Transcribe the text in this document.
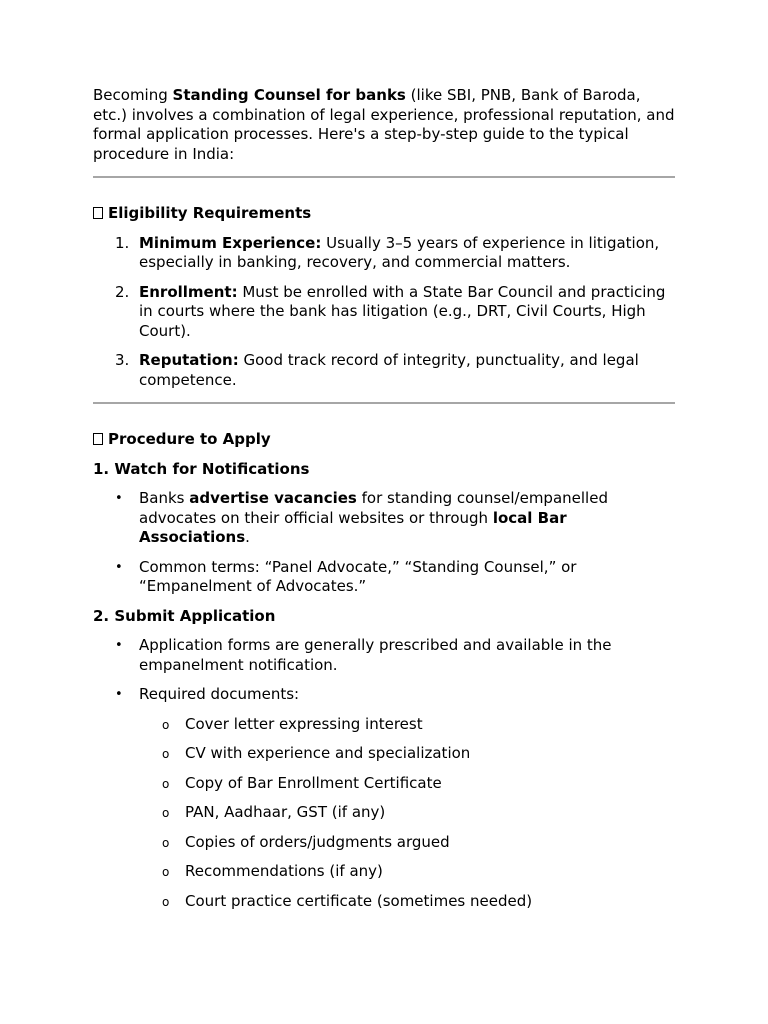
Becoming Standing Counsel for banks (like SBI, PNB, Bank of Baroda, etc.) involves a combination of legal experience, professional reputation, and formal application processes. Here's a step-by-step guide to the typical procedure in India:

Eligibility Requirements

1. Minimum Experience: Usually 3–5 years of experience in litigation, especially in banking, recovery, and commercial matters.
2. Enrollment: Must be enrolled with a State Bar Council and practicing in courts where the bank has litigation (e.g., DRT, Civil Courts, High Court).
3. Reputation: Good track record of integrity, punctuality, and legal competence.

Procedure to Apply

1. Watch for Notifications

• Banks advertise vacancies for standing counsel/empanelled advocates on their official websites or through local Bar Associations.
• Common terms: “Panel Advocate,” “Standing Counsel,” or “Empanelment of Advocates.”

2. Submit Application

• Application forms are generally prescribed and available in the empanelment notification.
• Required documents:
o Cover letter expressing interest
o CV with experience and specialization
o Copy of Bar Enrollment Certificate
o PAN, Aadhaar, GST (if any)
o Copies of orders/judgments argued
o Recommendations (if any)
o Court practice certificate (sometimes needed)
